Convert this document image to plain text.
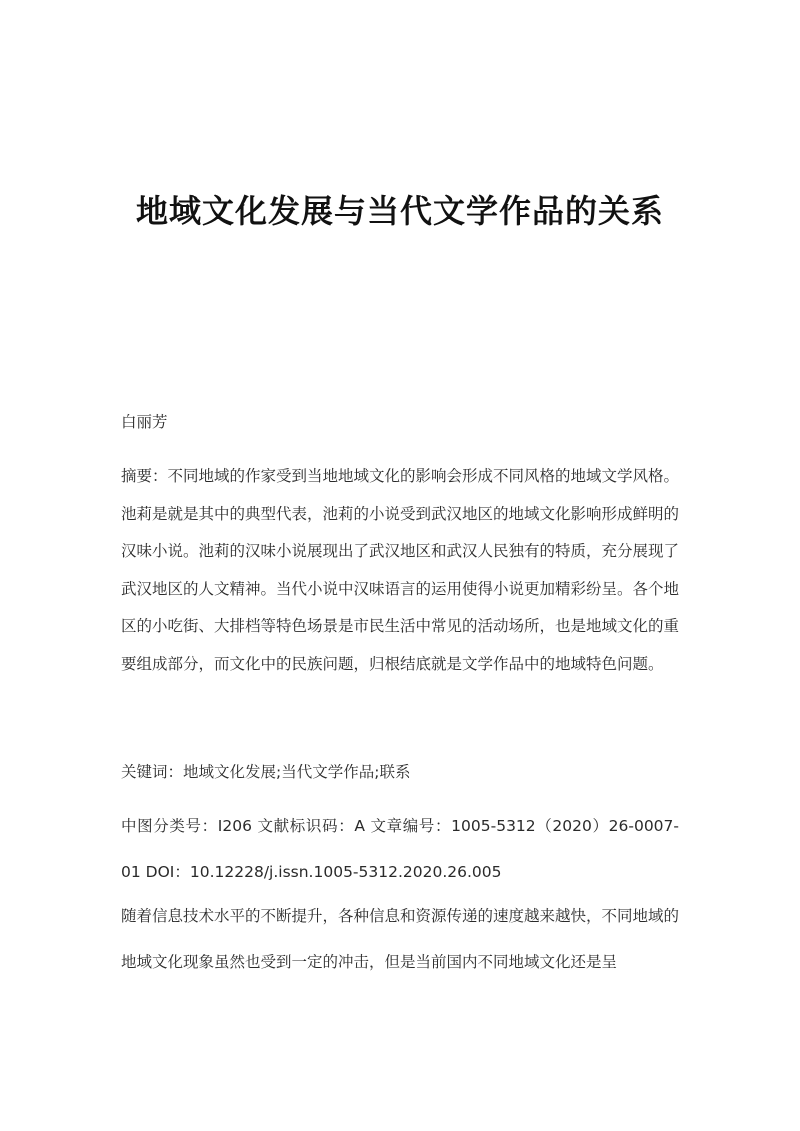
地域文化发展与当代文学作品的关系
白丽芳
摘要：不同地域的作家受到当地地域文化的影响会形成不同风格的地域文学风格。池莉是就是其中的典型代表，池莉的小说受到武汉地区的地域文化影响形成鲜明的汉味小说。池莉的汉味小说展现出了武汉地区和武汉人民独有的特质，充分展现了武汉地区的人文精神。当代小说中汉味语言的运用使得小说更加精彩纷呈。各个地区的小吃街、大排档等特色场景是市民生活中常见的活动场所，也是地域文化的重要组成部分，而文化中的民族问题，归根结底就是文学作品中的地域特色问题。
关键词：地域文化发展;当代文学作品;联系
中图分类号：I206 文献标识码：A 文章编号：1005-5312（2020）26-0007-01 DOI：10.12228/j.issn.1005-5312.2020.26.005
随着信息技术水平的不断提升，各种信息和资源传递的速度越来越快，不同地域的地域文化现象虽然也受到一定的冲击，但是当前国内不同地域文化还是呈
